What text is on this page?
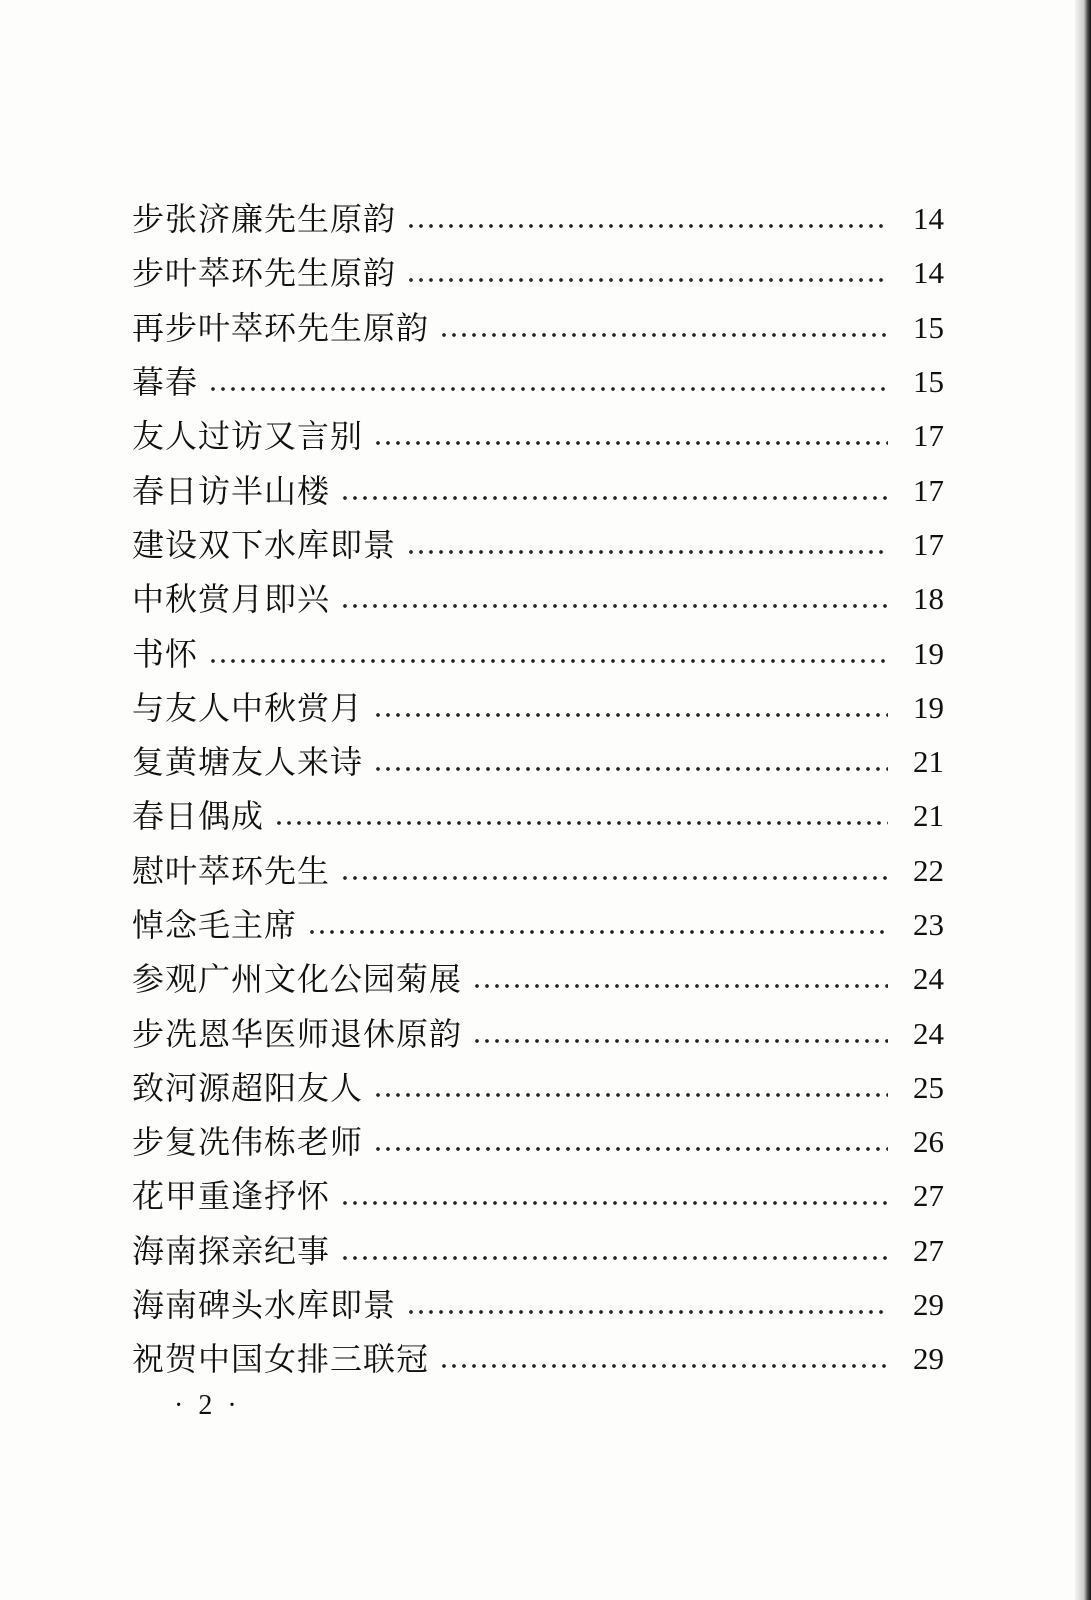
步张济廉先生原韵	14
步叶萃环先生原韵	14
再步叶萃环先生原韵	15
暮春	15
友人过访又言别	17
春日访半山楼	17
建设双下水库即景	17
中秋赏月即兴	18
书怀	19
与友人中秋赏月	19
复黄塘友人来诗	21
春日偶成	21
慰叶萃环先生	22
悼念毛主席	23
参观广州文化公园菊展	24
步冼恩华医师退休原韵	24
致河源超阳友人	25
步复冼伟栋老师	26
花甲重逢抒怀	27
海南探亲纪事	27
海南碑头水库即景	29
祝贺中国女排三联冠	29
· 2 ·
